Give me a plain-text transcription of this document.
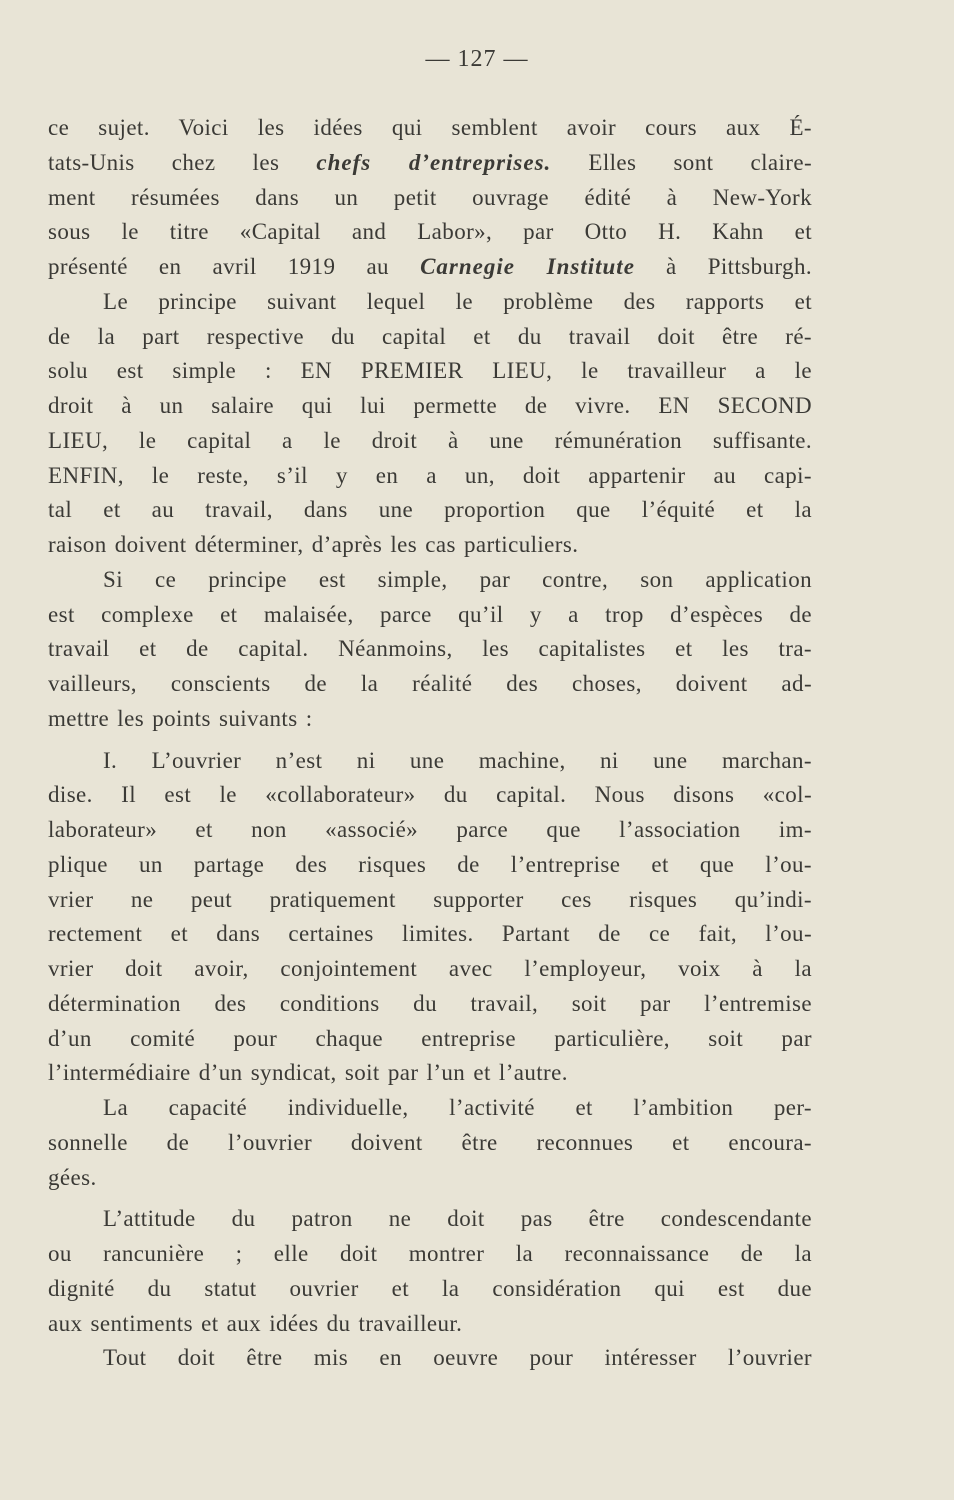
— 127 —
ce sujet. Voici les idées qui semblent avoir cours aux É-
tats-Unis chez les chefs d’entreprises. Elles sont claire-
ment résumées dans un petit ouvrage édité à New-York
sous le titre «Capital and Labor», par Otto H. Kahn et
présenté en avril 1919 au Carnegie Institute à Pittsburgh.
Le principe suivant lequel le problème des rapports et
de la part respective du capital et du travail doit être ré-
solu est simple : EN PREMIER LIEU, le travailleur a le
droit à un salaire qui lui permette de vivre. EN SECOND
LIEU, le capital a le droit à une rémunération suffisante.
ENFIN, le reste, s’il y en a un, doit appartenir au capi-
tal et au travail, dans une proportion que l’équité et la
raison doivent déterminer, d’après les cas particuliers.
Si ce principe est simple, par contre, son application
est complexe et malaisée, parce qu’il y a trop d’espèces de
travail et de capital. Néanmoins, les capitalistes et les tra-
vailleurs, conscients de la réalité des choses, doivent ad-
mettre les points suivants :
I. L’ouvrier n’est ni une machine, ni une marchan-
dise. Il est le «collaborateur» du capital. Nous disons «col-
laborateur» et non «associé» parce que l’association im-
plique un partage des risques de l’entreprise et que l’ou-
vrier ne peut pratiquement supporter ces risques qu’indi-
rectement et dans certaines limites. Partant de ce fait, l’ou-
vrier doit avoir, conjointement avec l’employeur, voix à la
détermination des conditions du travail, soit par l’entremise
d’un comité pour chaque entreprise particulière, soit par
l’intermédiaire d’un syndicat, soit par l’un et l’autre.
La capacité individuelle, l’activité et l’ambition per-
sonnelle de l’ouvrier doivent être reconnues et encoura-
gées.
L’attitude du patron ne doit pas être condescendante
ou rancunière ; elle doit montrer la reconnaissance de la
dignité du statut ouvrier et la considération qui est due
aux sentiments et aux idées du travailleur.
Tout doit être mis en oeuvre pour intéresser l’ouvrier
